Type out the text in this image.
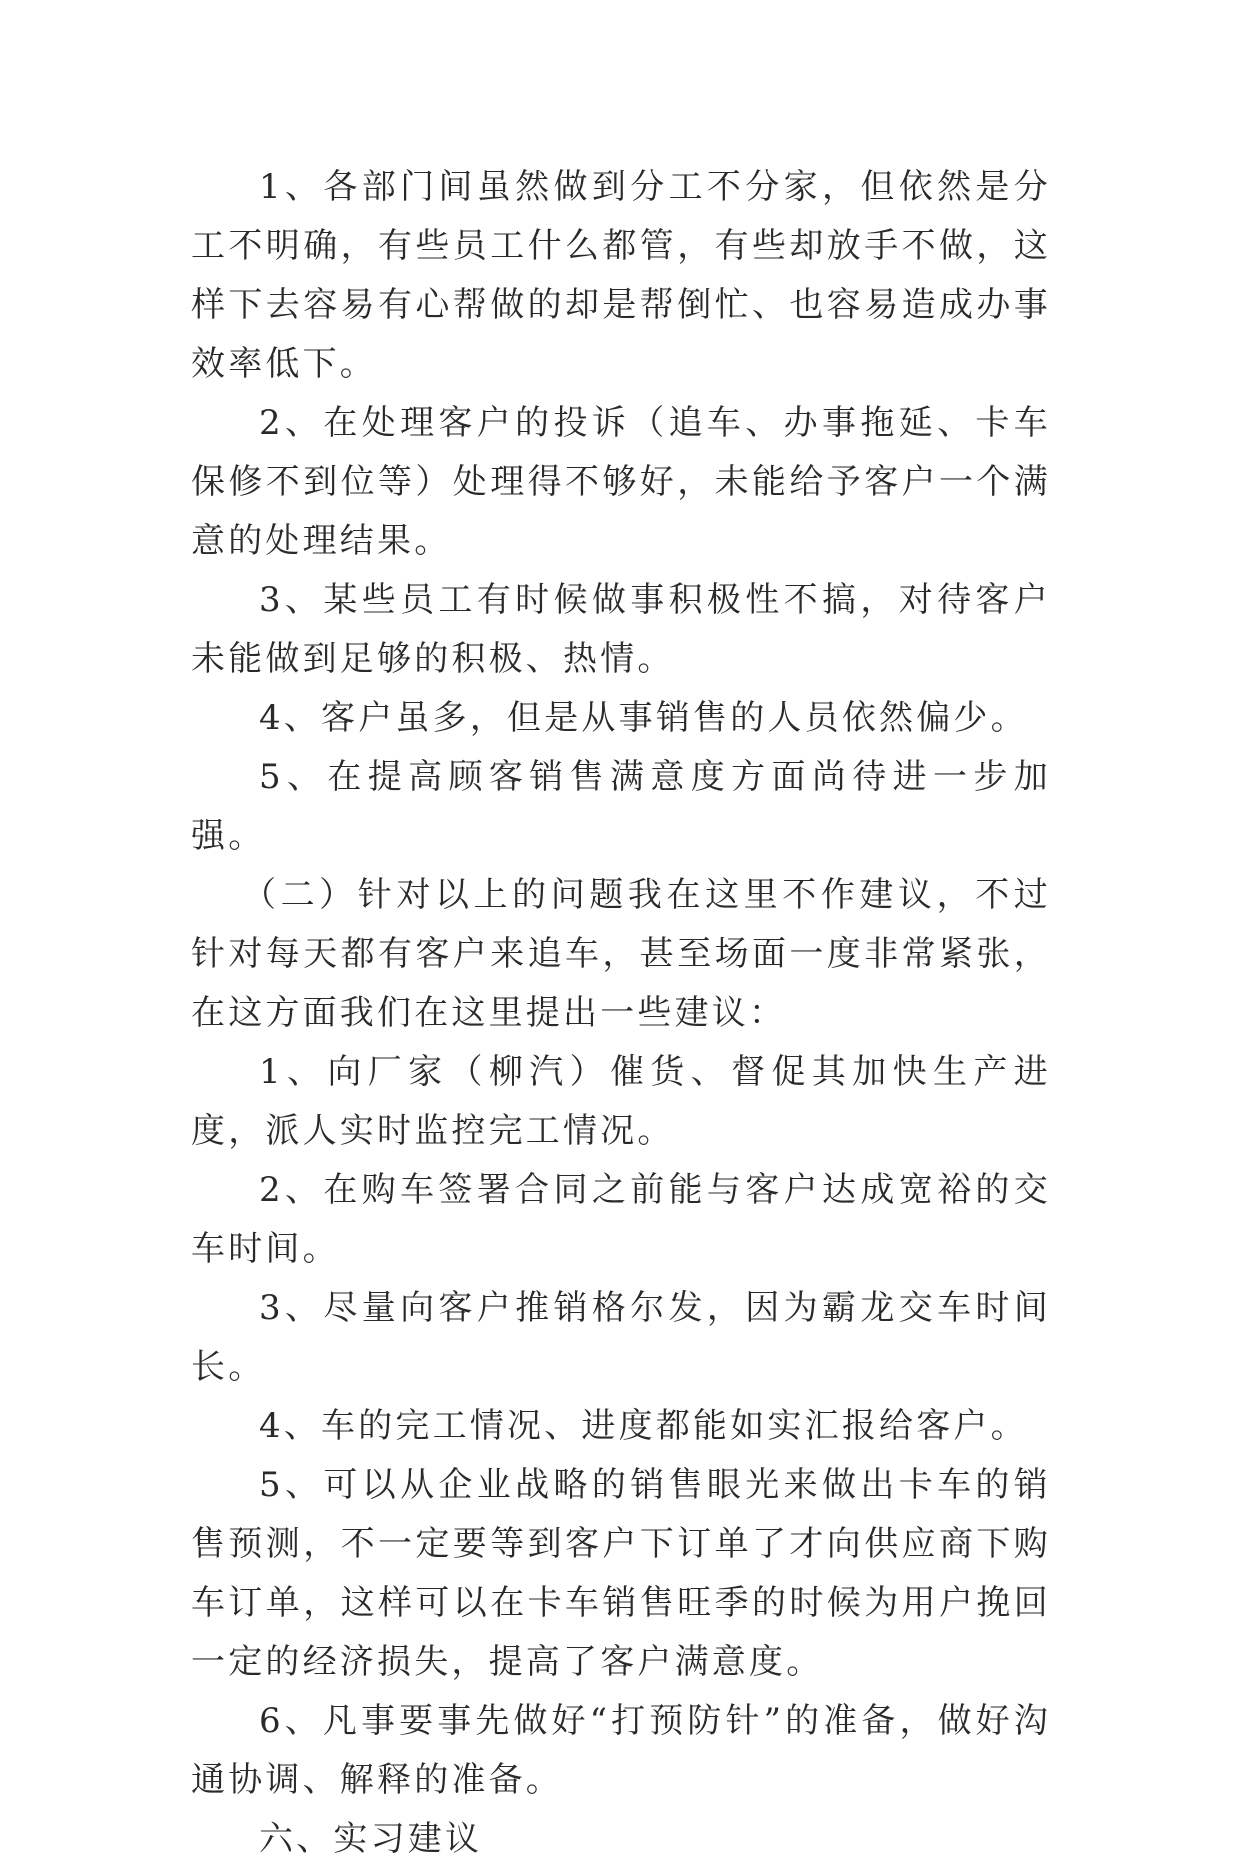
1、各部门间虽然做到分工不分家，但依然是分工不明确，有些员工什么都管，有些却放手不做，这样下去容易有心帮做的却是帮倒忙、也容易造成办事效率低下。

2、在处理客户的投诉（追车、办事拖延、卡车保修不到位等）处理得不够好，未能给予客户一个满意的处理结果。

3、某些员工有时候做事积极性不搞，对待客户未能做到足够的积极、热情。

4、客户虽多，但是从事销售的人员依然偏少。

5、在提高顾客销售满意度方面尚待进一步加强。

（二）针对以上的问题我在这里不作建议，不过针对每天都有客户来追车，甚至场面一度非常紧张，在这方面我们在这里提出一些建议：

1、向厂家（柳汽）催货、督促其加快生产进度，派人实时监控完工情况。

2、在购车签署合同之前能与客户达成宽裕的交车时间。

3、尽量向客户推销格尔发，因为霸龙交车时间长。

4、车的完工情况、进度都能如实汇报给客户。

5、可以从企业战略的销售眼光来做出卡车的销售预测，不一定要等到客户下订单了才向供应商下购车订单，这样可以在卡车销售旺季的时候为用户挽回一定的经济损失，提高了客户满意度。

6、凡事要事先做好“打预防针”的准备，做好沟通协调、解释的准备。

六、实习建议
